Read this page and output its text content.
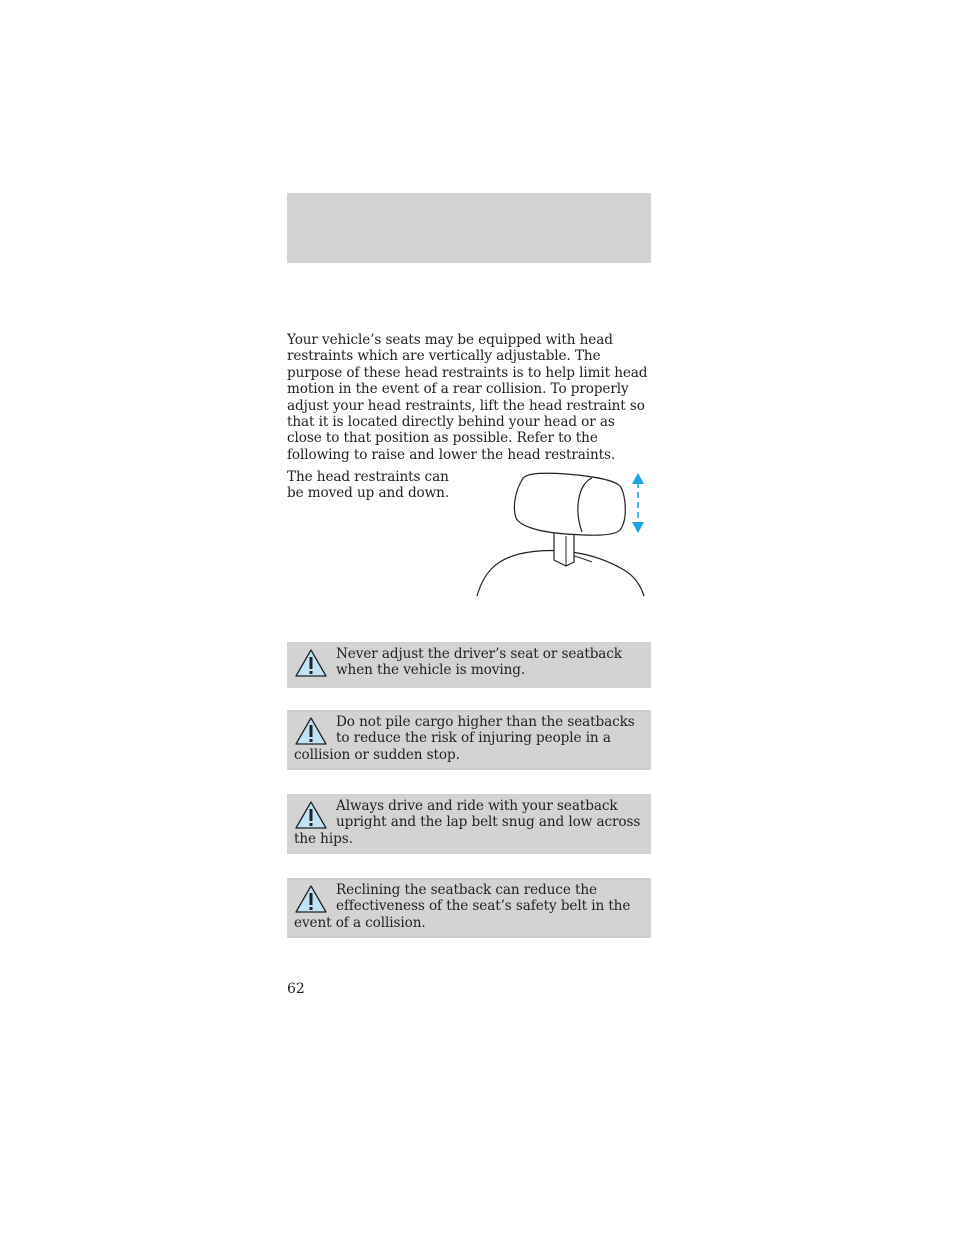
Your vehicle’s seats may be equipped with head restraints which are vertically adjustable. The purpose of these head restraints is to help limit head motion in the event of a rear collision. To properly adjust your head restraints, lift the head restraint so that it is located directly behind your head or as close to that position as possible. Refer to the following to raise and lower the head restraints.

The head restraints can be moved up and down.

Never adjust the driver’s seat or seatback when the vehicle is moving.
Do not pile cargo higher than the seatbacks to reduce the risk of injuring people in a collision or sudden stop.
Always drive and ride with your seatback upright and the lap belt snug and low across the hips.
Reclining the seatback can reduce the effectiveness of the seat’s safety belt in the event of a collision.
62
